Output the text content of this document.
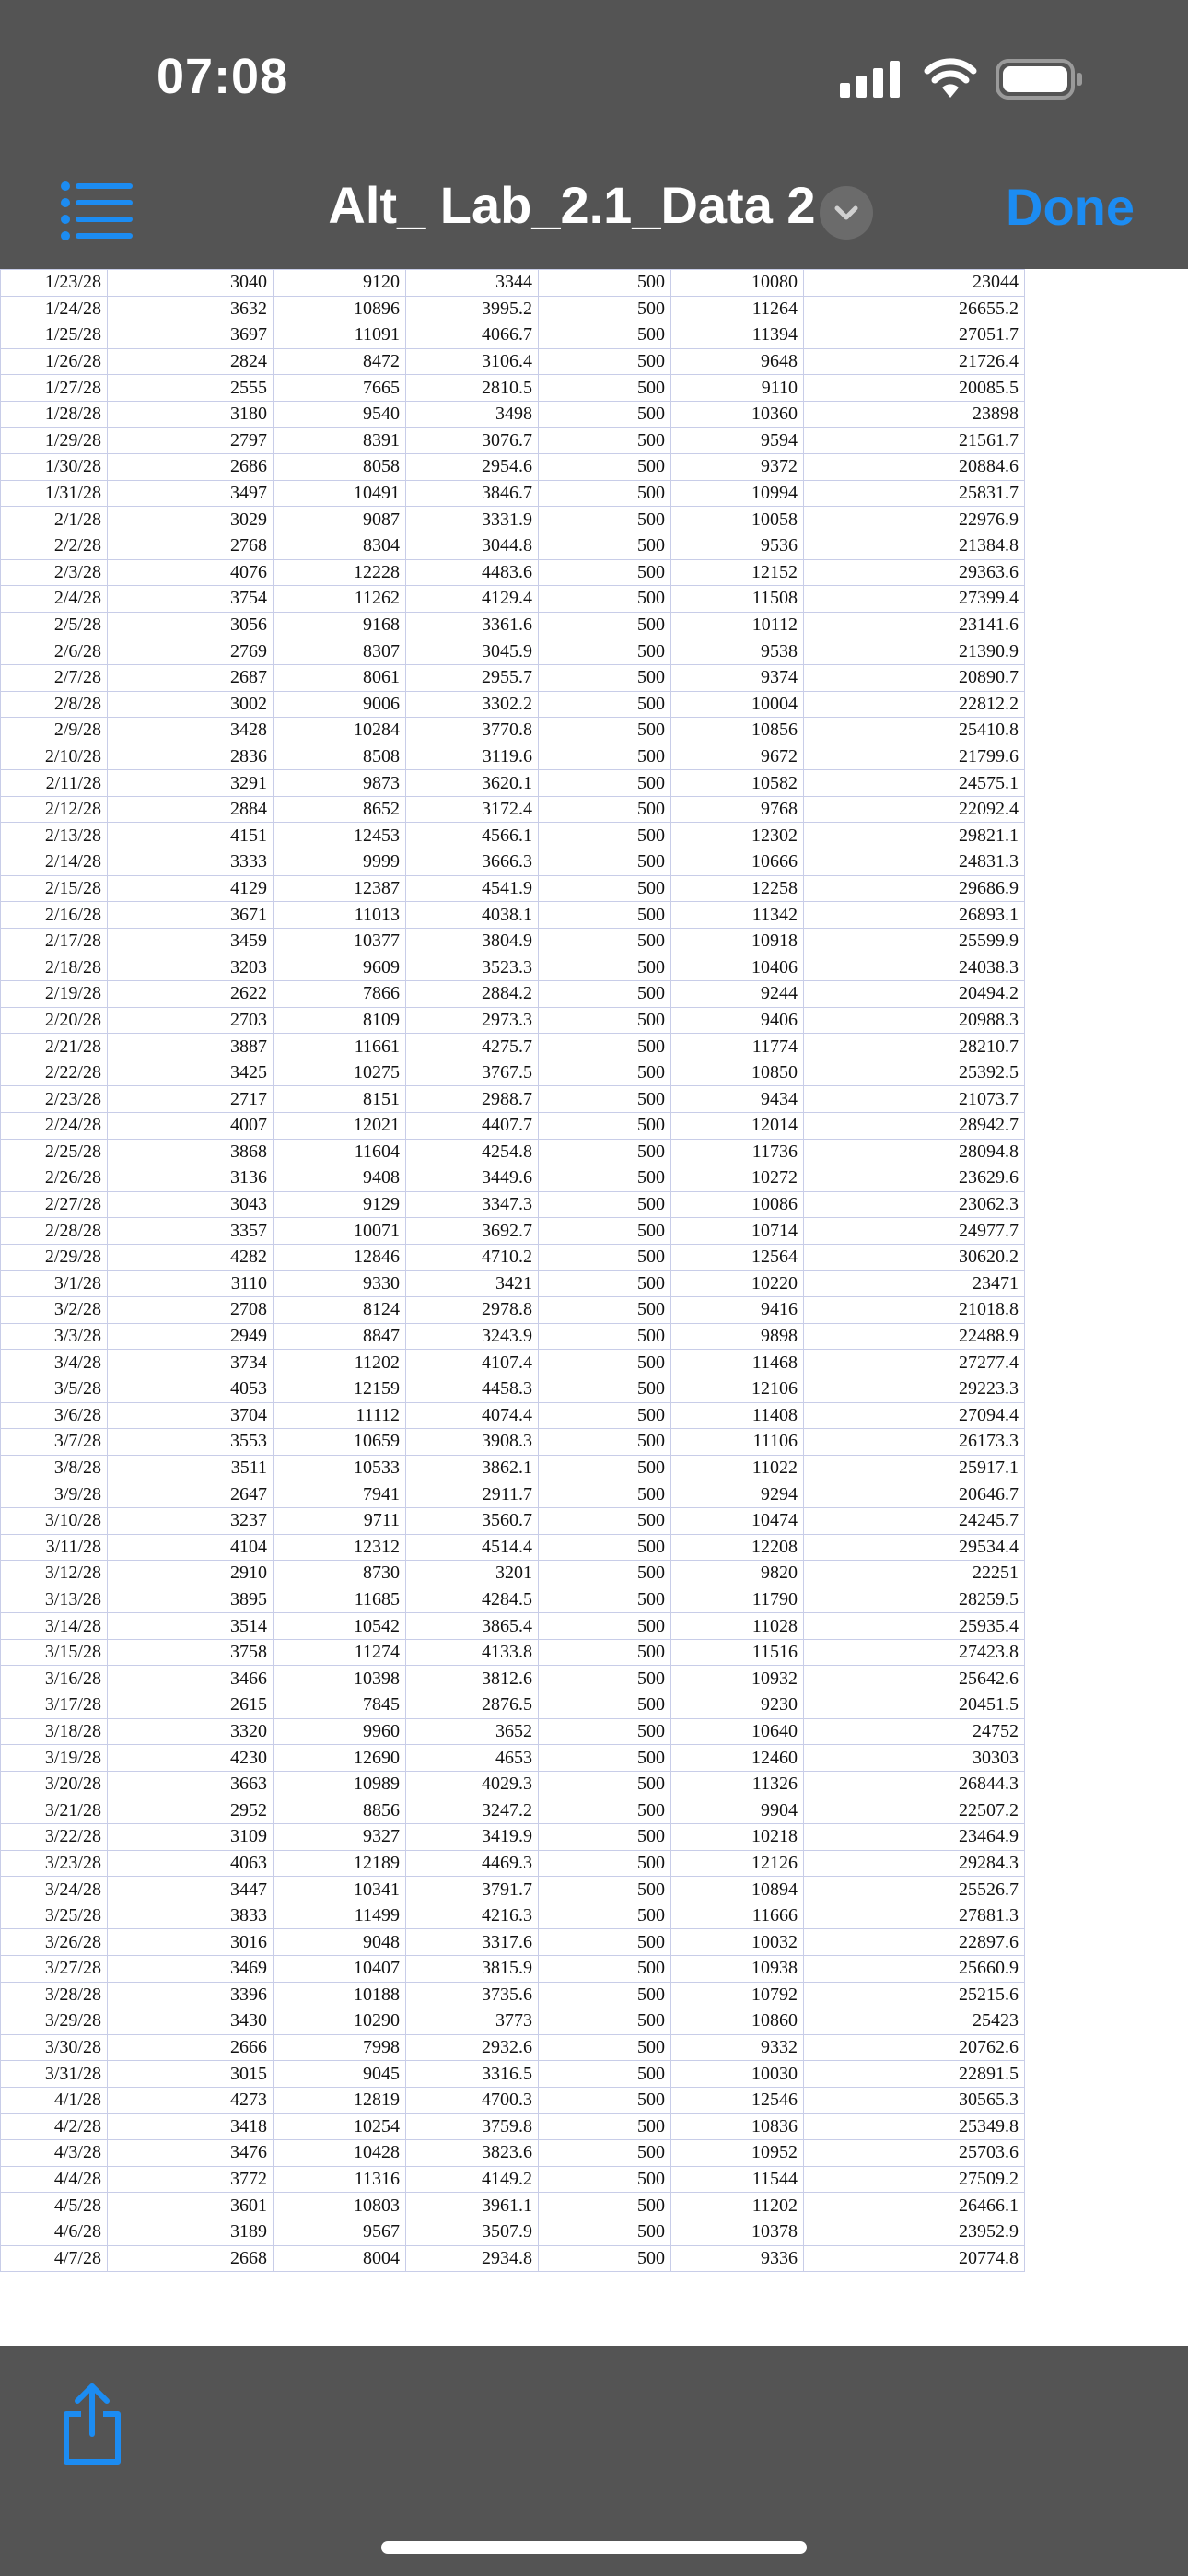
07:08
Alt_ Lab_2.1_Data 2	Done
1/23/28	3040	9120	3344	500	10080	23044
1/24/28	3632	10896	3995.2	500	11264	26655.2
1/25/28	3697	11091	4066.7	500	11394	27051.7
1/26/28	2824	8472	3106.4	500	9648	21726.4
1/27/28	2555	7665	2810.5	500	9110	20085.5
1/28/28	3180	9540	3498	500	10360	23898
1/29/28	2797	8391	3076.7	500	9594	21561.7
1/30/28	2686	8058	2954.6	500	9372	20884.6
1/31/28	3497	10491	3846.7	500	10994	25831.7
2/1/28	3029	9087	3331.9	500	10058	22976.9
2/2/28	2768	8304	3044.8	500	9536	21384.8
2/3/28	4076	12228	4483.6	500	12152	29363.6
2/4/28	3754	11262	4129.4	500	11508	27399.4
2/5/28	3056	9168	3361.6	500	10112	23141.6
2/6/28	2769	8307	3045.9	500	9538	21390.9
2/7/28	2687	8061	2955.7	500	9374	20890.7
2/8/28	3002	9006	3302.2	500	10004	22812.2
2/9/28	3428	10284	3770.8	500	10856	25410.8
2/10/28	2836	8508	3119.6	500	9672	21799.6
2/11/28	3291	9873	3620.1	500	10582	24575.1
2/12/28	2884	8652	3172.4	500	9768	22092.4
2/13/28	4151	12453	4566.1	500	12302	29821.1
2/14/28	3333	9999	3666.3	500	10666	24831.3
2/15/28	4129	12387	4541.9	500	12258	29686.9
2/16/28	3671	11013	4038.1	500	11342	26893.1
2/17/28	3459	10377	3804.9	500	10918	25599.9
2/18/28	3203	9609	3523.3	500	10406	24038.3
2/19/28	2622	7866	2884.2	500	9244	20494.2
2/20/28	2703	8109	2973.3	500	9406	20988.3
2/21/28	3887	11661	4275.7	500	11774	28210.7
2/22/28	3425	10275	3767.5	500	10850	25392.5
2/23/28	2717	8151	2988.7	500	9434	21073.7
2/24/28	4007	12021	4407.7	500	12014	28942.7
2/25/28	3868	11604	4254.8	500	11736	28094.8
2/26/28	3136	9408	3449.6	500	10272	23629.6
2/27/28	3043	9129	3347.3	500	10086	23062.3
2/28/28	3357	10071	3692.7	500	10714	24977.7
2/29/28	4282	12846	4710.2	500	12564	30620.2
3/1/28	3110	9330	3421	500	10220	23471
3/2/28	2708	8124	2978.8	500	9416	21018.8
3/3/28	2949	8847	3243.9	500	9898	22488.9
3/4/28	3734	11202	4107.4	500	11468	27277.4
3/5/28	4053	12159	4458.3	500	12106	29223.3
3/6/28	3704	11112	4074.4	500	11408	27094.4
3/7/28	3553	10659	3908.3	500	11106	26173.3
3/8/28	3511	10533	3862.1	500	11022	25917.1
3/9/28	2647	7941	2911.7	500	9294	20646.7
3/10/28	3237	9711	3560.7	500	10474	24245.7
3/11/28	4104	12312	4514.4	500	12208	29534.4
3/12/28	2910	8730	3201	500	9820	22251
3/13/28	3895	11685	4284.5	500	11790	28259.5
3/14/28	3514	10542	3865.4	500	11028	25935.4
3/15/28	3758	11274	4133.8	500	11516	27423.8
3/16/28	3466	10398	3812.6	500	10932	25642.6
3/17/28	2615	7845	2876.5	500	9230	20451.5
3/18/28	3320	9960	3652	500	10640	24752
3/19/28	4230	12690	4653	500	12460	30303
3/20/28	3663	10989	4029.3	500	11326	26844.3
3/21/28	2952	8856	3247.2	500	9904	22507.2
3/22/28	3109	9327	3419.9	500	10218	23464.9
3/23/28	4063	12189	4469.3	500	12126	29284.3
3/24/28	3447	10341	3791.7	500	10894	25526.7
3/25/28	3833	11499	4216.3	500	11666	27881.3
3/26/28	3016	9048	3317.6	500	10032	22897.6
3/27/28	3469	10407	3815.9	500	10938	25660.9
3/28/28	3396	10188	3735.6	500	10792	25215.6
3/29/28	3430	10290	3773	500	10860	25423
3/30/28	2666	7998	2932.6	500	9332	20762.6
3/31/28	3015	9045	3316.5	500	10030	22891.5
4/1/28	4273	12819	4700.3	500	12546	30565.3
4/2/28	3418	10254	3759.8	500	10836	25349.8
4/3/28	3476	10428	3823.6	500	10952	25703.6
4/4/28	3772	11316	4149.2	500	11544	27509.2
4/5/28	3601	10803	3961.1	500	11202	26466.1
4/6/28	3189	9567	3507.9	500	10378	23952.9
4/7/28	2668	8004	2934.8	500	9336	20774.8
